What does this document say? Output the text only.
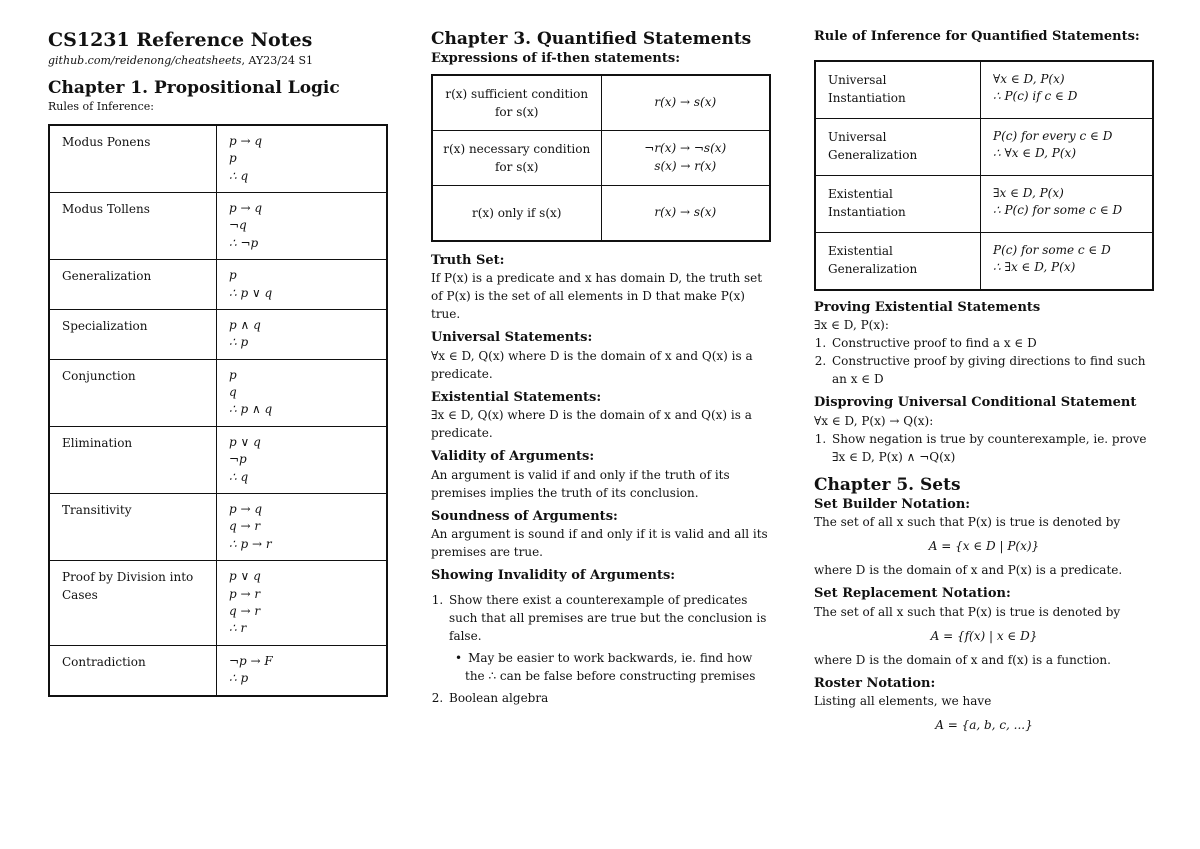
CS1231 Reference Notes

github.com/reidenong/cheatsheets, AY23/24 S1

Chapter 1. Propositional Logic

Rules of Inference:

Modus Ponens	p → q
p
∴ q

Modus Tollens	p → q
¬q
∴ ¬p

Generalization	p
∴ p ∨ q

Specialization	p ∧ q
∴ p

Conjunction	p
q
∴ p ∧ q

Elimination	p ∨ q
¬p
∴ q

Transitivity	p → q
q → r
∴ p → r

Proof by Division into Cases	p ∨ q
p → r
q → r
∴ r

Contradiction	¬p → F
∴ p
Chapter 3. Quantified Statements
Expressions of if-then statements:
r(x) sufficient condition for s(x)	r(x) → s(x)

r(x) necessary condition for s(x)	¬r(x) → ¬s(x)
s(x) → r(x)

r(x) only if s(x)	r(x) → s(x)
Truth Set:

If P(x) is a predicate and x has domain D, the truth set of P(x) is the set of all elements in D that make P(x) true.

Universal Statements:

∀x ∈ D, Q(x) where D is the domain of x and Q(x) is a predicate.

Existential Statements:

∃x ∈ D, Q(x) where D is the domain of x and Q(x) is a predicate.

Validity of Arguments:

An argument is valid if and only if the truth of its premises implies the truth of its conclusion.

Soundness of Arguments:

An argument is sound if and only if it is valid and all its premises are true.

Showing Invalidity of Arguments:
1. Show there exist a counterexample of predicates such that all premises are true but the conclusion is false.
• May be easier to work backwards, ie. find how the ∴ can be false before constructing premises
2. Boolean algebra
Rule of Inference for Quantified Statements:
Universal Instantiation	∀x ∈ D, P(x)
∴ P(c) if c ∈ D

Universal Generalization	P(c) for every c ∈ D
∴ ∀x ∈ D, P(x)

Existential Instantiation	∃x ∈ D, P(x)
∴ P(c) for some c ∈ D

Existential Generalization	P(c) for some c ∈ D
∴ ∃x ∈ D, P(x)
Proving Existential Statements

∃x ∈ D, P(x):

1. Constructive proof to find a x ∈ D
2. Constructive proof by giving directions to find such an x ∈ D
Disproving Universal Conditional Statement

∀x ∈ D, P(x) → Q(x):

1. Show negation is true by counterexample, ie. prove ∃x ∈ D, P(x) ∧ ¬Q(x)
Chapter 5. Sets
Set Builder Notation:

The set of all x such that P(x) is true is denoted by

A = {x ∈ D | P(x)}

where D is the domain of x and P(x) is a predicate.

Set Replacement Notation:

The set of all x such that P(x) is true is denoted by

A = {f(x) | x ∈ D}

where D is the domain of x and f(x) is a function.

Roster Notation:

Listing all elements, we have

A = {a, b, c, ...}
